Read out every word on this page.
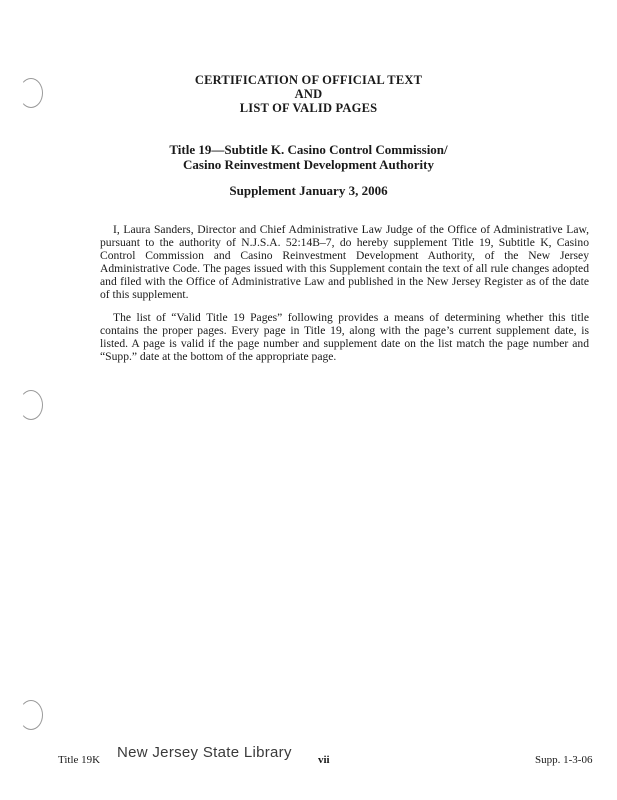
CERTIFICATION OF OFFICIAL TEXT
AND
LIST OF VALID PAGES
Title 19—Subtitle K. Casino Control Commission/
Casino Reinvestment Development Authority
Supplement January 3, 2006

I, Laura Sanders, Director and Chief Administrative Law Judge of the Office of Administrative Law, pursuant to the authority of N.J.S.A. 52:14B–7, do hereby supplement Title 19, Subtitle K, Casino Control Commission and Casino Reinvestment Development Authority, of the New Jersey Administrative Code. The pages issued with this Supplement contain the text of all rule changes adopted and filed with the Office of Administrative Law and published in the New Jersey Register as of the date of this supplement.

The list of “Valid Title 19 Pages” following provides a means of determining whether this title contains the proper pages. Every page in Title 19, along with the page’s current supplement date, is listed. A page is valid if the page number and supplement date on the list match the page number and “Supp.” date at the bottom of the appropriate page.

Title 19K New Jersey State Library vii	Supp. 1-3-06
